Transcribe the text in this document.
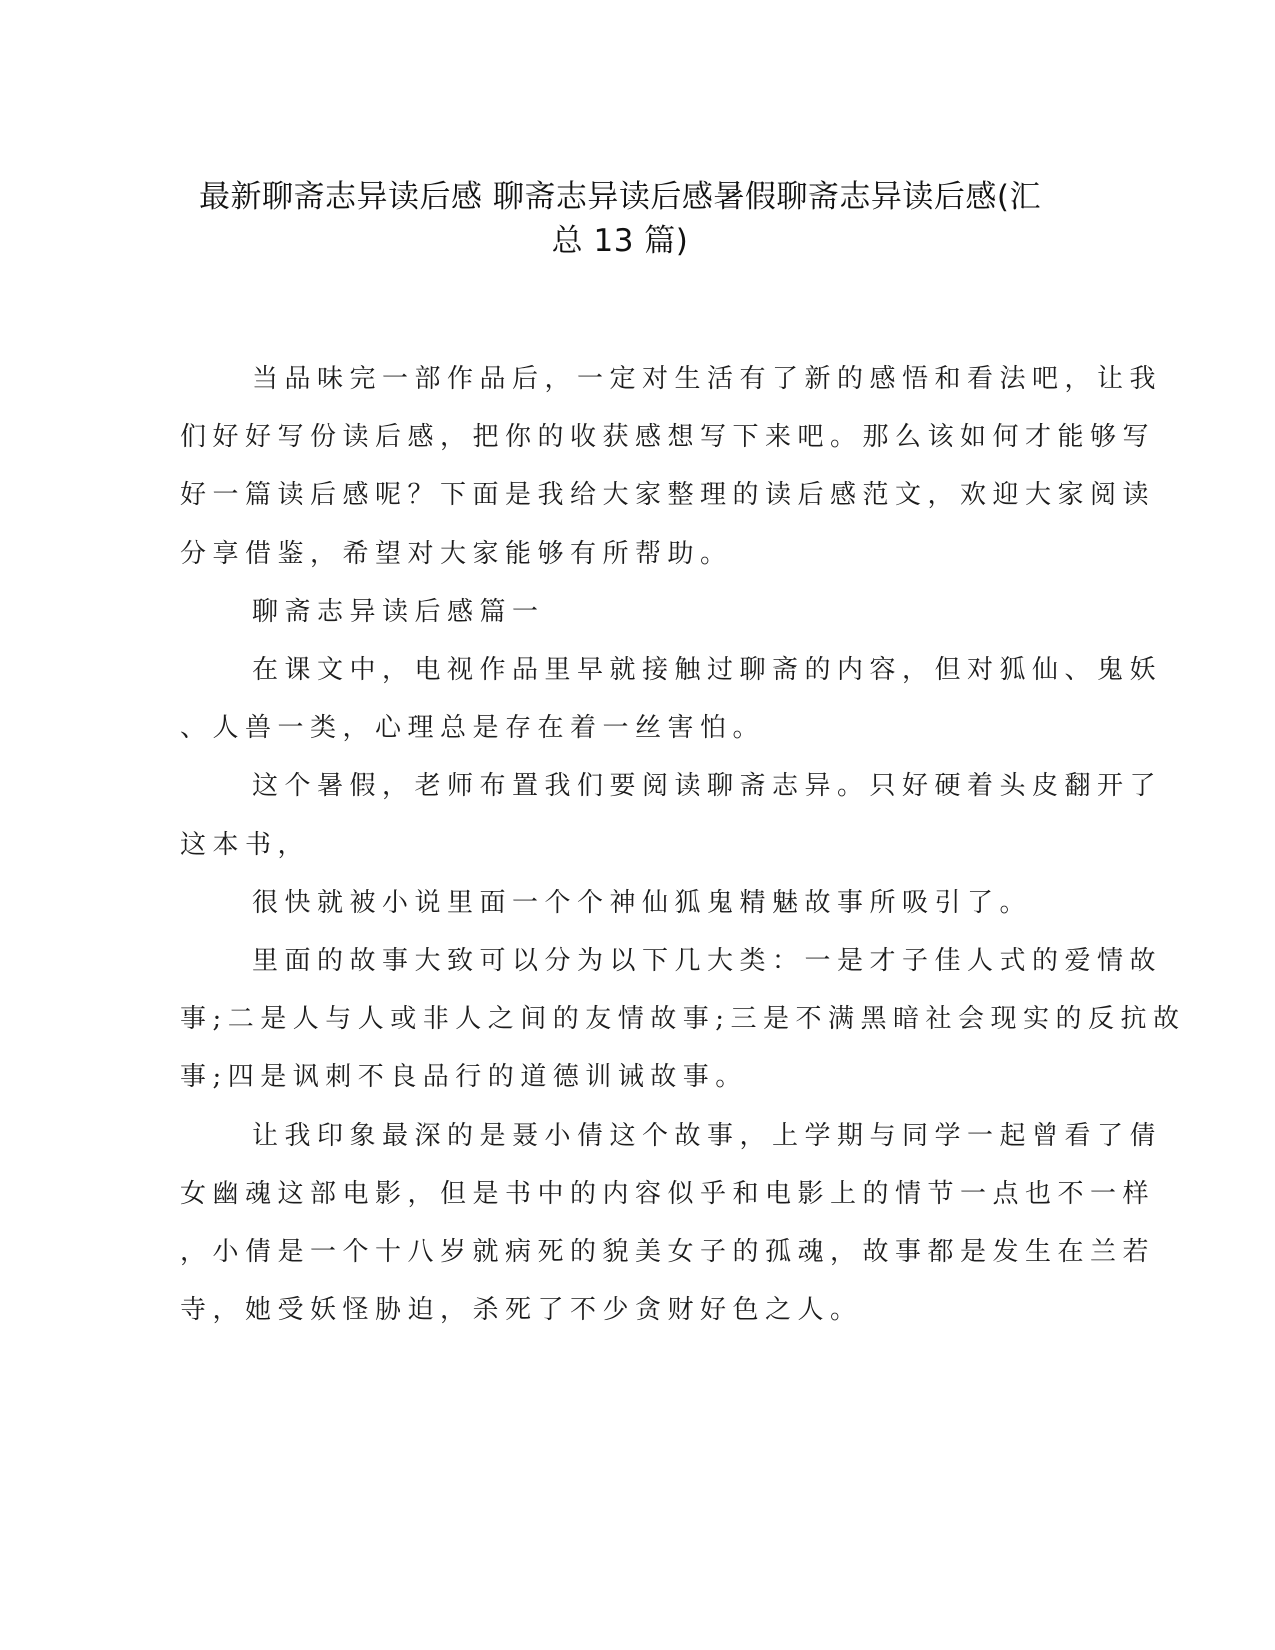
最新聊斋志异读后感 聊斋志异读后感暑假聊斋志异读后感(汇
总 13 篇)

当品味完一部作品后，一定对生活有了新的感悟和看法吧，让我
们好好写份读后感，把你的收获感想写下来吧。那么该如何才能够写
好一篇读后感呢？下面是我给大家整理的读后感范文，欢迎大家阅读
分享借鉴，希望对大家能够有所帮助。

聊斋志异读后感篇一

在课文中，电视作品里早就接触过聊斋的内容，但对狐仙、鬼妖
、人兽一类，心理总是存在着一丝害怕。

这个暑假，老师布置我们要阅读聊斋志异。只好硬着头皮翻开了
这本书，

很快就被小说里面一个个神仙狐鬼精魅故事所吸引了。

里面的故事大致可以分为以下几大类：一是才子佳人式的爱情故
事;二是人与人或非人之间的友情故事;三是不满黑暗社会现实的反抗故
事;四是讽刺不良品行的道德训诫故事。

让我印象最深的是聂小倩这个故事，上学期与同学一起曾看了倩
女幽魂这部电影，但是书中的内容似乎和电影上的情节一点也不一样
，小倩是一个十八岁就病死的貌美女子的孤魂，故事都是发生在兰若
寺，她受妖怪胁迫，杀死了不少贪财好色之人。
